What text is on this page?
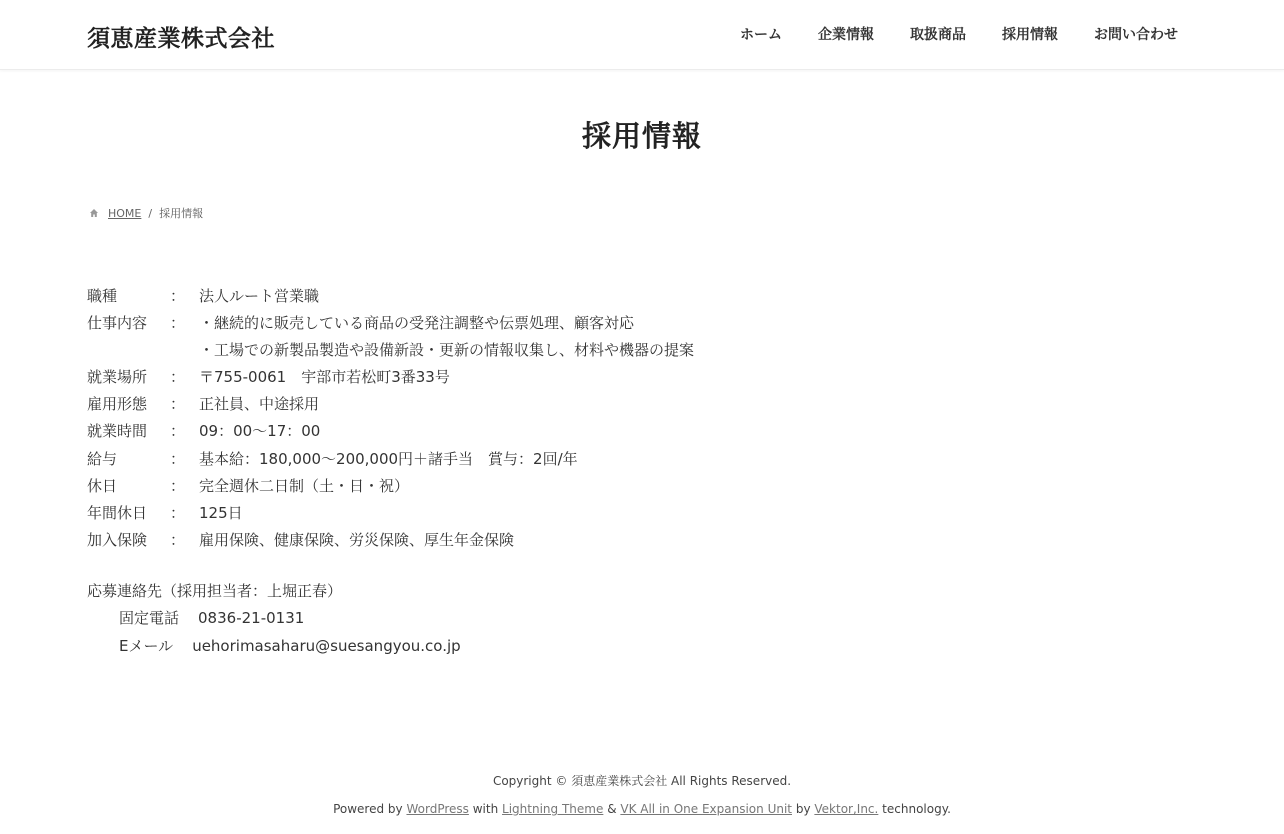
須恵産業株式会社	ホーム	企業情報	取扱商品	採用情報	お問い合わせ
採用情報
HOME / 採用情報
職種	： 法人ルート営業職
仕事内容	： ・継続的に販売している商品の受発注調整や伝票処理、顧客対応
・工場での新製品製造や設備新設・更新の情報収集し、材料や機器の提案
就業場所	： 〒755-0061　宇部市若松町3番33号
雇用形態	： 正社員、中途採用
就業時間	： 09：00～17：00
給与	： 基本給：180,000～200,000円＋諸手当　賞与：2回/年
休日	： 完全週休二日制（土・日・祝）
年間休日	： 125日
加入保険	： 雇用保険、健康保険、労災保険、厚生年金保険
応募連絡先（採用担当者：上堀正春）
固定電話 0836-21-0131
Eメール uehorimasaharu@suesangyou.co.jp
Copyright © 須恵産業株式会社 All Rights Reserved.
Powered by WordPress with Lightning Theme & VK All in One Expansion Unit by Vektor,Inc. technology.
